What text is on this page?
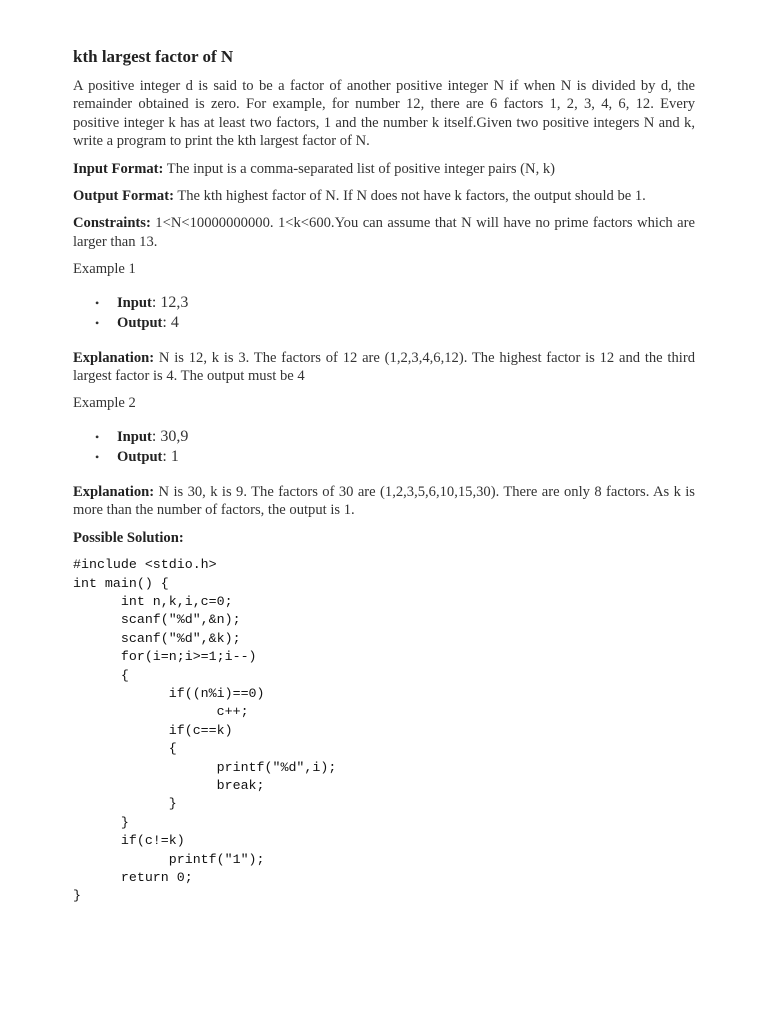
kth largest factor of N

A positive integer d is said to be a factor of another positive integer N if when N is divided by d, the remainder obtained is zero. For example, for number 12, there are 6 factors 1, 2, 3, 4, 6, 12. Every positive integer k has at least two factors, 1 and the number k itself.Given two positive integers N and k, write a program to print the kth largest factor of N.

Input Format: The input is a comma-separated list of positive integer pairs (N, k)

Output Format: The kth highest factor of N. If N does not have k factors, the output should be 1.

Constraints: 1<N<10000000000. 1<k<600.You can assume that N will have no prime factors which are larger than 13.

Example 1

• Input: 12,3
• Output: 4

Explanation: N is 12, k is 3. The factors of 12 are (1,2,3,4,6,12). The highest factor is 12 and the third largest factor is 4. The output must be 4

Example 2

• Input: 30,9
• Output: 1

Explanation: N is 30, k is 9. The factors of 30 are (1,2,3,5,6,10,15,30). There are only 8 factors. As k is more than the number of factors, the output is 1.

Possible Solution:

#include <stdio.h>
int main() {
	int n,k,i,c=0;
	scanf("%d",&n);
	scanf("%d",&k);
	for(i=n;i>=1;i--)
	{
		if((n%i)==0)
			c++;
		if(c==k)
		{
			printf("%d",i);
			break;
		}
	}
	if(c!=k)
		printf("1");
	return 0;
}
